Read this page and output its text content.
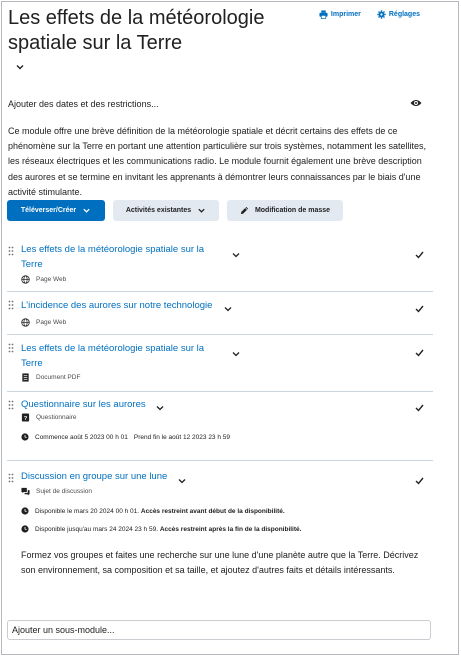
Les effets de la météorologie spatiale sur la Terre
Imprimer	Réglages
Ajouter des dates et des restrictions...

Ce module offre une brève définition de la météorologie spatiale et décrit certains des effets de ce phénomène sur la Terre en portant une attention particulière sur trois systèmes, notamment les satellites, les réseaux électriques et les communications radio. Le module fournit également une brève description des aurores et se termine en invitant les apprenants à démontrer leurs connaissances par le biais d'une activité stimulante.

Téléverser/Créer	Activités existantes	Modification de masse
Les effets de la météorologie spatiale sur la Terre
Page Web
L'incidence des aurores sur notre technologie
Page Web
Les effets de la météorologie spatiale sur la Terre
Document PDF
Questionnaire sur les aurores
? Questionnaire
Commence août 5 2023 00 h 01 Prend fin le août 12 2023 23 h 59
Discussion en groupe sur une lune
Sujet de discussion
Disponible le mars 20 2024 00 h 01. Accès restreint avant début de la disponibilité.
Disponible jusqu'au mars 24 2024 23 h 59. Accès restreint après la fin de la disponibilité.

Formez vos groupes et faites une recherche sur une lune d'une planète autre que la Terre. Décrivez son environnement, sa composition et sa taille, et ajoutez d'autres faits et détails intéressants.

Ajouter un sous-module...
